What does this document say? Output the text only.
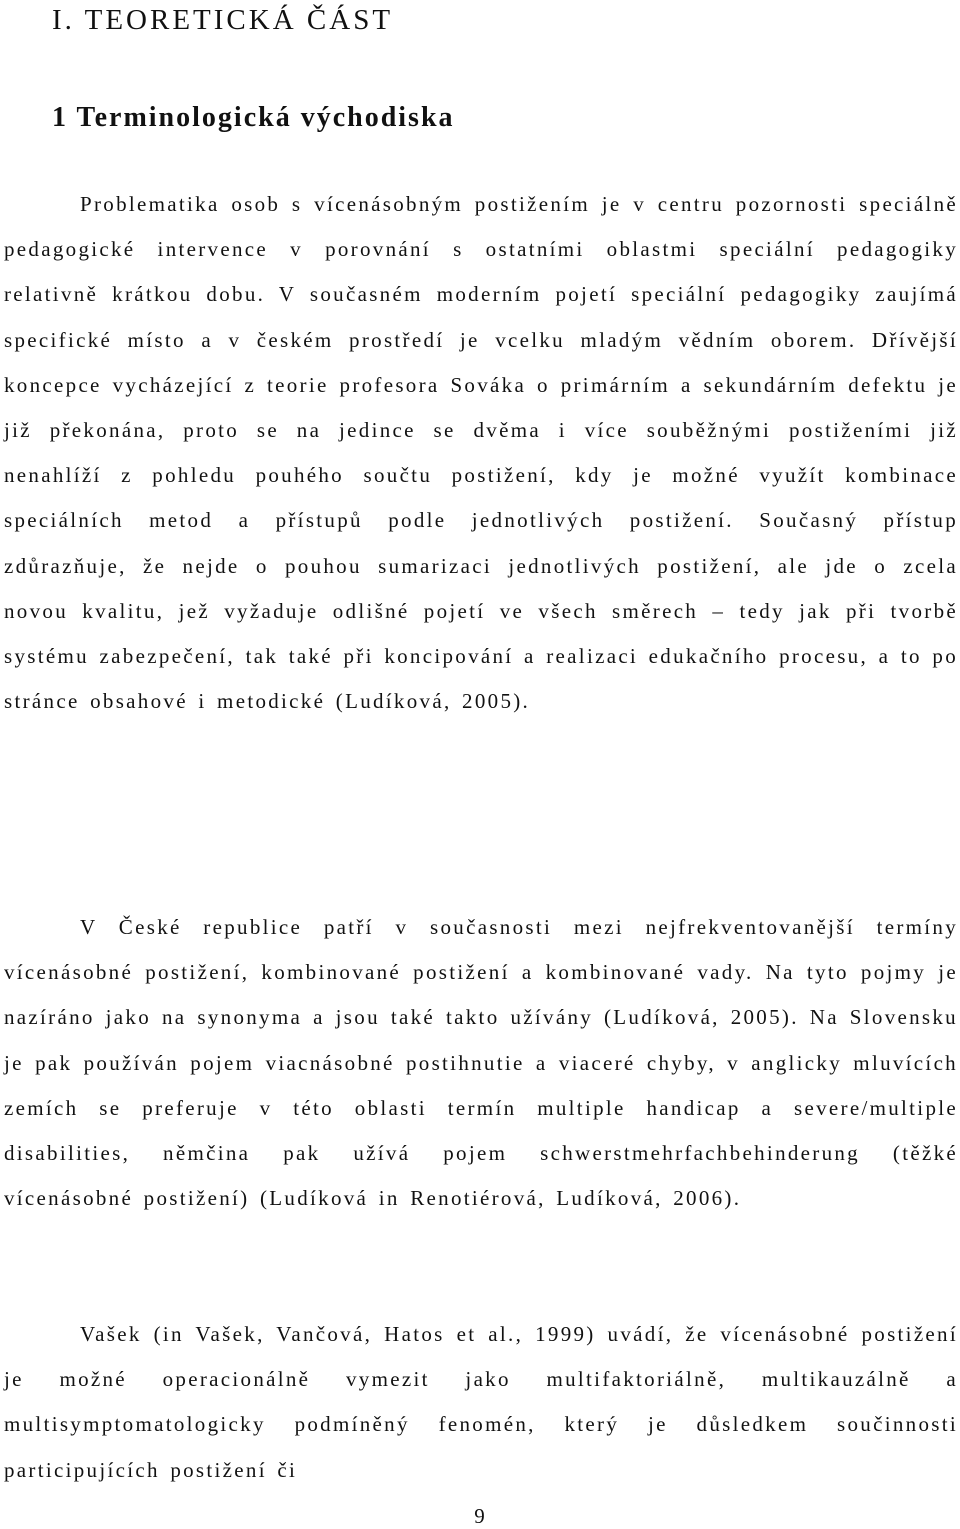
I. TEORETICKÁ ČÁST
1 Terminologická východiska

Problematika osob s vícenásobným postižením je v centru pozornosti speciálně pedagogické intervence v porovnání s ostatními oblastmi speciální pedagogiky relativně krátkou dobu. V současném moderním pojetí speciální pedagogiky zaujímá specifické místo a v českém prostředí je vcelku mladým vědním oborem. Dřívější koncepce vycházející z teorie profesora Sováka o primárním a sekundárním defektu je již překonána, proto se na jedince se dvěma i více souběžnými postiženími již nenahlíží z pohledu pouhého součtu postižení, kdy je možné využít kombinace speciálních metod a přístupů podle jednotlivých postižení. Současný přístup zdůrazňuje, že nejde o pouhou sumarizaci jednotlivých postižení, ale jde o zcela novou kvalitu, jež vyžaduje odlišné pojetí ve všech směrech – tedy jak při tvorbě systému zabezpečení, tak také při koncipování a realizaci edukačního procesu, a to po stránce obsahové i metodické (Ludíková, 2005).

V České republice patří v současnosti mezi nejfrekventovanější termíny vícenásobné postižení, kombinované postižení a kombinované vady. Na tyto pojmy je nazíráno jako na synonyma a jsou také takto užívány (Ludíková, 2005). Na Slovensku je pak používán pojem viacnásobné postihnutie a viaceré chyby, v anglicky mluvících zemích se preferuje v této oblasti termín multiple handicap a severe/multiple disabilities, němčina pak užívá pojem schwerstmehrfachbehinderung (těžké vícenásobné postižení) (Ludíková in Renotiérová, Ludíková, 2006).

Vašek (in Vašek, Vančová, Hatos et al., 1999) uvádí, že vícenásobné postižení je možné operacionálně vymezit jako multifaktoriálně, multikauzálně a multisymptomatologicky podmíněný fenomén, který je důsledkem součinnosti participujících postižení či

9
